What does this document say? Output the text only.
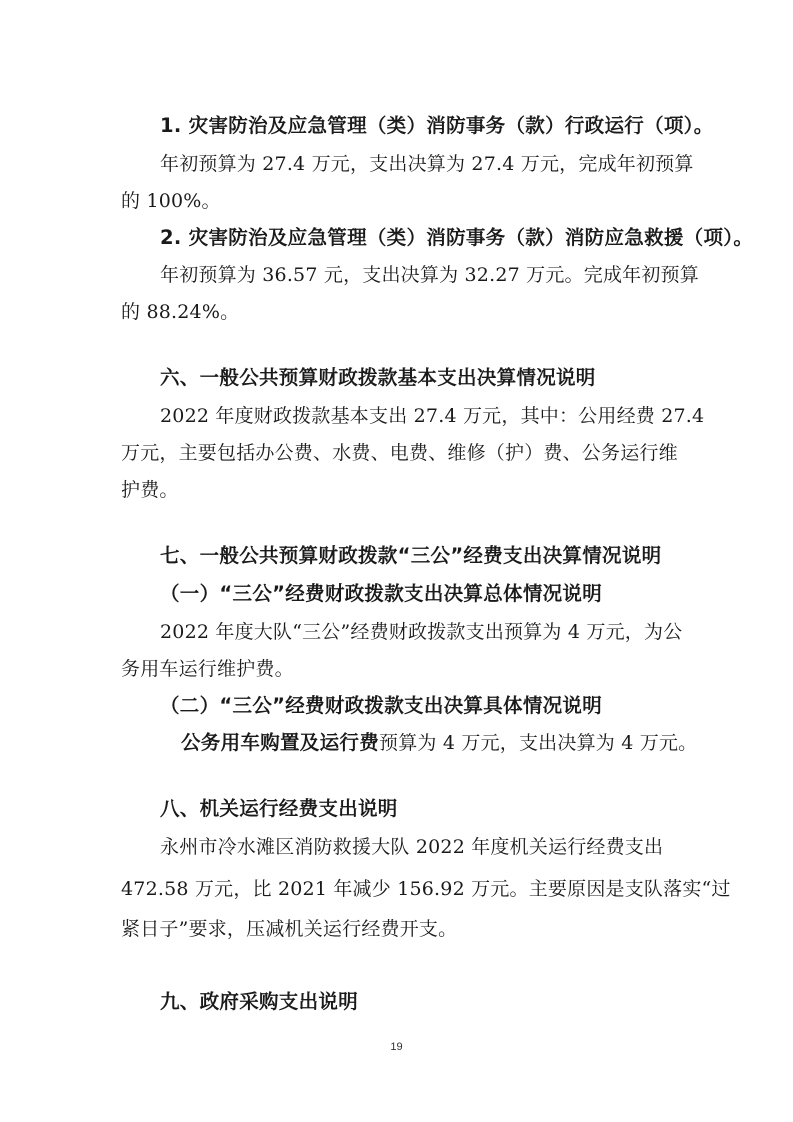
1. 灾害防治及应急管理（类）消防事务（款）行政运行（项）。
年初预算为 27.4 万元，支出决算为 27.4 万元，完成年初预算
的 100%。
2. 灾害防治及应急管理（类）消防事务（款）消防应急救援（项）。
年初预算为 36.57 元，支出决算为 32.27 万元。完成年初预算
的 88.24%。
六、一般公共预算财政拨款基本支出决算情况说明
2022 年度财政拨款基本支出 27.4 万元，其中：公用经费 27.4
万元，主要包括办公费、水费、电费、维修（护）费、公务运行维
护费。
七、一般公共预算财政拨款“三公”经费支出决算情况说明
（一）“三公”经费财政拨款支出决算总体情况说明
2022 年度大队“三公”经费财政拨款支出预算为 4 万元，为公
务用车运行维护费。
（二）“三公”经费财政拨款支出决算具体情况说明
公务用车购置及运行费预算为 4 万元，支出决算为 4 万元。
八、机关运行经费支出说明
永州市冷水滩区消防救援大队 2022 年度机关运行经费支出
472.58 万元，比 2021 年减少 156.92 万元。主要原因是支队落实“过
紧日子”要求，压减机关运行经费开支。
九、政府采购支出说明
19
